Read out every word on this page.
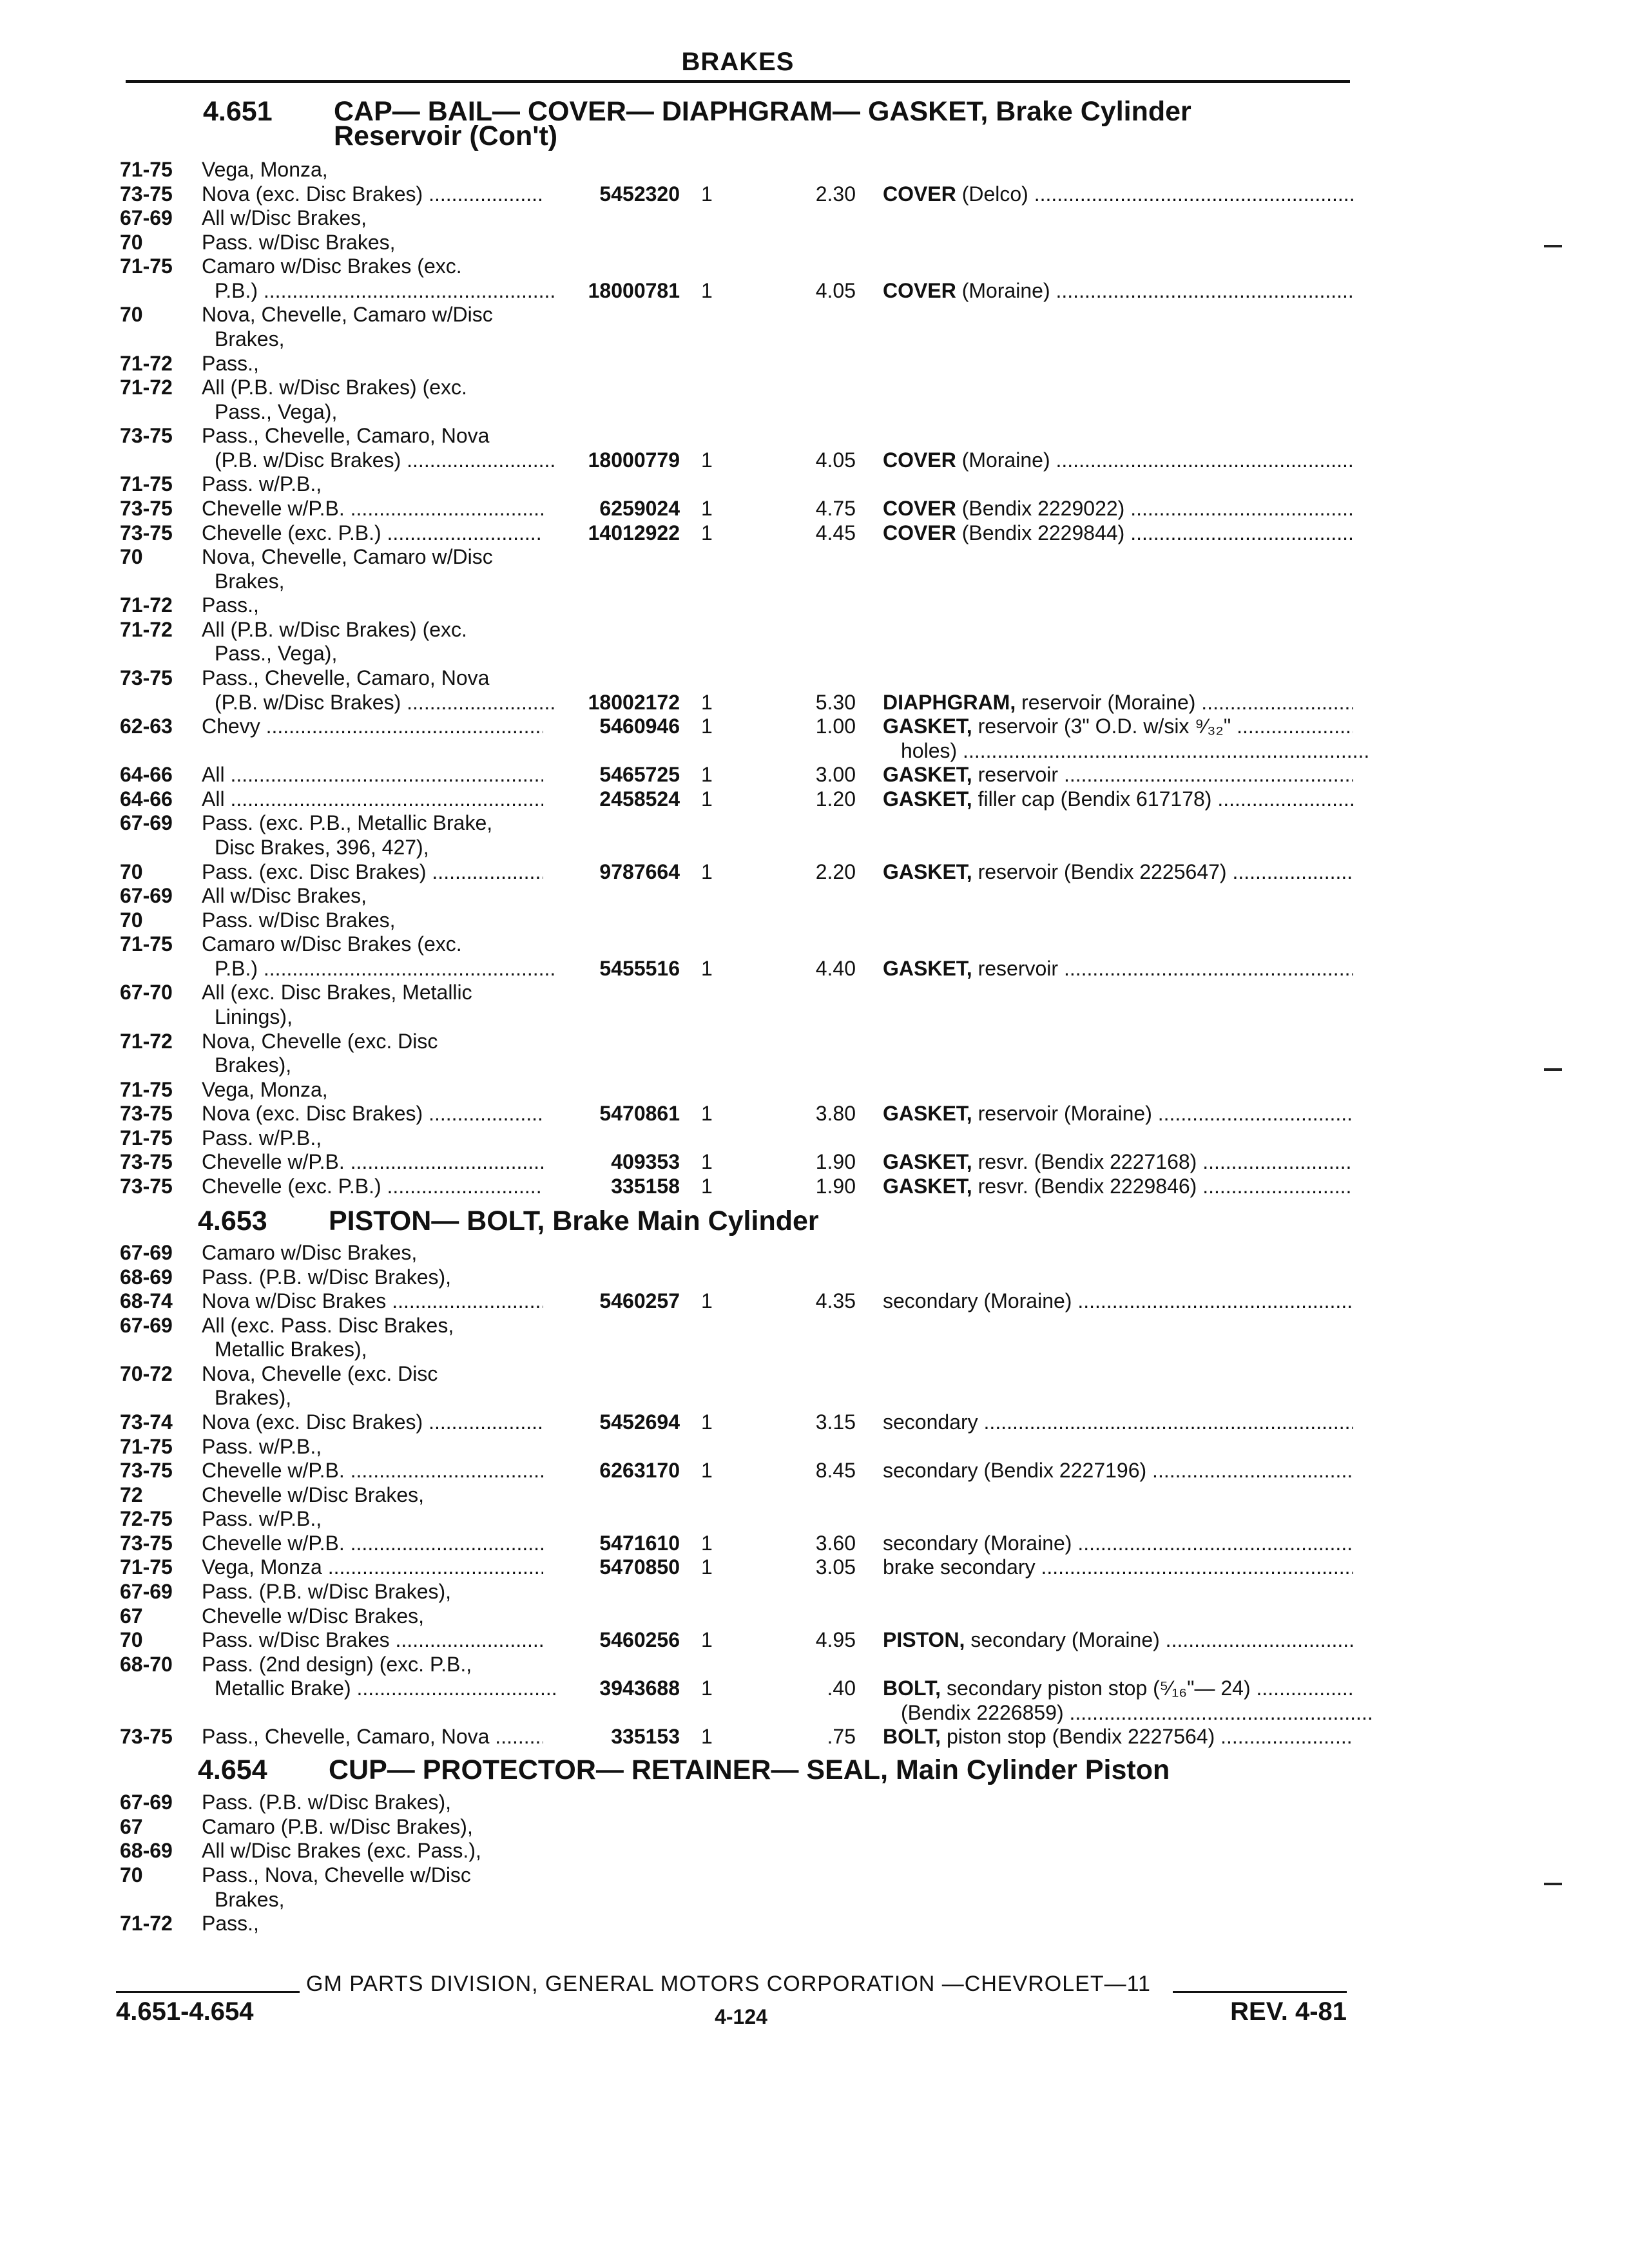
BRAKES
4.651 CAP— BAIL— COVER— DIAPHGRAM— GASKET, Brake Cylinder
Reservoir (Con't)
4.653 PISTON— BOLT, Brake Main Cylinder
4.654 CUP— PROTECTOR— RETAINER— SEAL, Main Cylinder Piston
71-75	Vega, Monza,
73-75	Nova (exc. Disc Brakes) .....	5452320 1	2.30 COVER (Delco) .....
67-69	All w/Disc Brakes,
70	Pass. w/Disc Brakes,
71-75	Camaro w/Disc Brakes (exc.
P.B.) .....	18000781 1	4.05 COVER (Moraine) .....
70	Nova, Chevelle, Camaro w/Disc
Brakes,
71-72	Pass.,
71-72	All (P.B. w/Disc Brakes) (exc.
Pass., Vega),
73-75	Pass., Chevelle, Camaro, Nova
(P.B. w/Disc Brakes) .....	18000779 1	4.05 COVER (Moraine) .....
71-75	Pass. w/P.B.,
73-75	Chevelle w/P.B. .....	6259024 1	4.75 COVER (Bendix 2229022) .....
73-75	Chevelle (exc. P.B.) .....	14012922 1	4.45 COVER (Bendix 2229844) .....
70	Nova, Chevelle, Camaro w/Disc
Brakes,
71-72	Pass.,
71-72	All (P.B. w/Disc Brakes) (exc.
Pass., Vega),
73-75	Pass., Chevelle, Camaro, Nova
(P.B. w/Disc Brakes) .....	18002172 1	5.30 DIAPHGRAM, reservoir (Moraine) .....
62-63	Chevy .....	5460946 1	1.00 GASKET, reservoir (3" O.D. w/six ⁹⁄₃₂" .....
holes) .....
64-66	All .....	5465725 1	3.00 GASKET, reservoir .....
64-66	All .....	2458524 1	1.20 GASKET, filler cap (Bendix 617178) .....
67-69	Pass. (exc. P.B., Metallic Brake,
Disc Brakes, 396, 427),
70	Pass. (exc. Disc Brakes) .....	9787664 1	2.20 GASKET, reservoir (Bendix 2225647) .....
67-69	All w/Disc Brakes,
70	Pass. w/Disc Brakes,
71-75	Camaro w/Disc Brakes (exc.
P.B.) .....	5455516 1	4.40 GASKET, reservoir .....
67-70	All (exc. Disc Brakes, Metallic
Linings),
71-72	Nova, Chevelle (exc. Disc
Brakes),
71-75	Vega, Monza,
73-75	Nova (exc. Disc Brakes) .....	5470861 1	3.80 GASKET, reservoir (Moraine) .....
71-75	Pass. w/P.B.,
73-75	Chevelle w/P.B. .....	409353 1	1.90 GASKET, resvr. (Bendix 2227168) .....
73-75	Chevelle (exc. P.B.) .....	335158 1	1.90 GASKET, resvr. (Bendix 2229846) .....
67-69	Camaro w/Disc Brakes,
68-69	Pass. (P.B. w/Disc Brakes),
68-74	Nova w/Disc Brakes .....	5460257 1	4.35 secondary (Moraine) .....
67-69	All (exc. Pass. Disc Brakes,
Metallic Brakes),
70-72	Nova, Chevelle (exc. Disc
Brakes),
73-74	Nova (exc. Disc Brakes) .....	5452694 1	3.15 secondary .....
71-75	Pass. w/P.B.,
73-75	Chevelle w/P.B. .....	6263170 1	8.45 secondary (Bendix 2227196) .....
72	Chevelle w/Disc Brakes,
72-75	Pass. w/P.B.,
73-75	Chevelle w/P.B. .....	5471610 1	3.60 secondary (Moraine) .....
71-75	Vega, Monza .....	5470850 1	3.05 brake secondary .....
67-69	Pass. (P.B. w/Disc Brakes),
67	Chevelle w/Disc Brakes,
70	Pass. w/Disc Brakes .....	5460256 1	4.95 PISTON, secondary (Moraine) .....
68-70	Pass. (2nd design) (exc. P.B.,
Metallic Brake) .....	3943688 1	.40 BOLT, secondary piston stop (⁵⁄₁₆"— 24) .....
(Bendix 2226859) .....
73-75	Pass., Chevelle, Camaro, Nova .....	335153 1	.75 BOLT, piston stop (Bendix 2227564) .....
67-69	Pass. (P.B. w/Disc Brakes),
67	Camaro (P.B. w/Disc Brakes),
68-69	All w/Disc Brakes (exc. Pass.),
70	Pass., Nova, Chevelle w/Disc
Brakes,
71-72	Pass.,
GM PARTS DIVISION, GENERAL MOTORS CORPORATION —CHEVROLET—11
4.651-4.654	4-124	REV. 4-81
